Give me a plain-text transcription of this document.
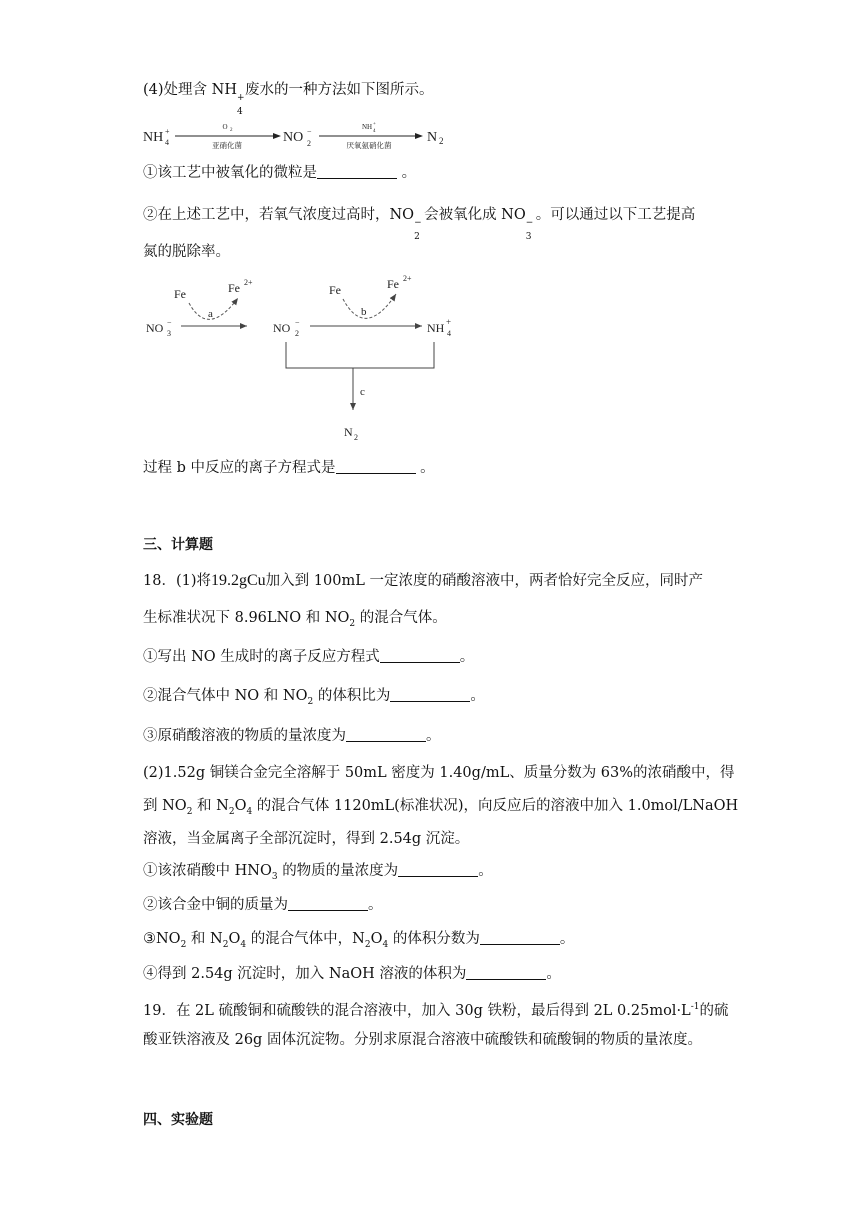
(4)处理含 NH +
4
废水的一种方法如下图所示。
NH +
4
O 2
亚硝化菌
NO −
2
NH +
4
厌氧氨硝化菌
N 2
①该工艺中被氧化的微粒是	。
②在上述工艺中，若氧气浓度过高时，NO −
2
会被氧化成 NO −
3
。可以通过以下工艺提高
氮的脱除率。
Fe	Fe 2+
a
NO −
3	NO −
2
Fe	Fe 2+
b
NH +
4
c
N 2
过程 b 中反应的离子方程式是	。
三、计算题
18．(1)将19.2gCu加入到 100mL 一定浓度的硝酸溶液中，两者恰好完全反应，同时产
生标准状况下 8.96LNO 和 $NO_2$ 的混合气体。
①写出 NO 生成时的离子反应方程式	。
②混合气体中 NO 和 $NO_2$ 的体积比为	。
③原硝酸溶液的物质的量浓度为	。
(2)1.52g 铜镁合金完全溶解于 50mL 密度为 1.40g/mL、质量分数为 63%的浓硝酸中，得
到 $NO_2$ 和 $N_2O_4$ 的混合气体 1120mL(标准状况)，向反应后的溶液中加入 1.0mol/LNaOH
溶液，当金属离子全部沉淀时，得到 2.54g 沉淀。
①该浓硝酸中 $HNO_3$ 的物质的量浓度为	。
②该合金中铜的质量为	。
$③NO_2$ 和 $N_2O_4$ 的混合气体中，$N_2O_4$ 的体积分数为	。
④得到 2.54g 沉淀时，加入 NaOH 溶液的体积为	。
19．在 2L 硫酸铜和硫酸铁的混合溶液中，加入 30g 铁粉，最后得到 2L $0.25mol\cdot L^{-1}$的硫
酸亚铁溶液及 26g 固体沉淀物。分别求原混合溶液中硫酸铁和硫酸铜的物质的量浓度。
四、实验题
